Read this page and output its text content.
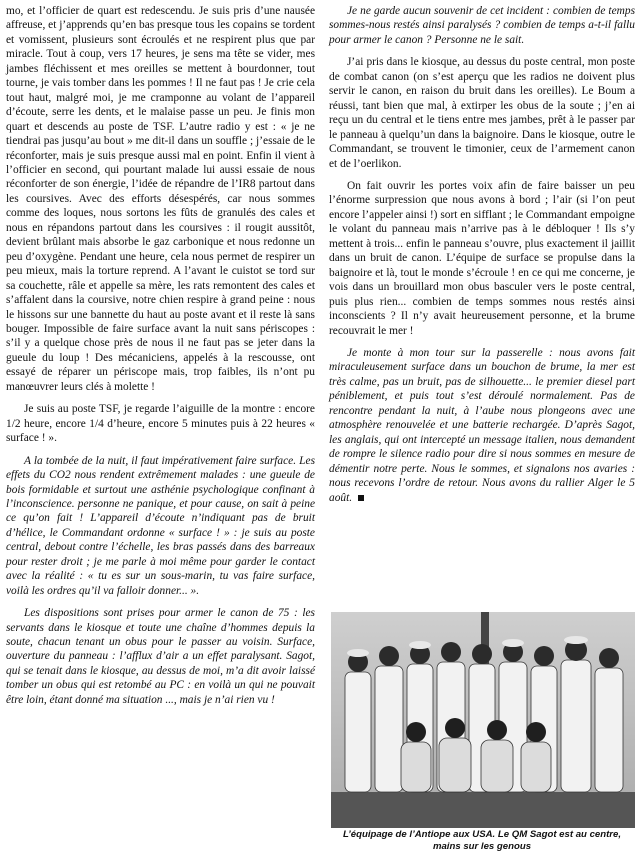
mo, et l’officier de quart est redescendu. Je suis pris d’une nausée affreuse, et j’apprends qu’en bas presque tous les copains se tordent et vomissent, plusieurs sont écroulés et ne respirent plus que par miracle. Tout à coup, vers 17 heures, je sens ma tête se vider, mes jambes fléchissent et mes oreilles se mettent à bourdonner, tout tourne, je vais tomber dans les pommes ! Il ne faut pas ! Je crie cela tout haut, malgré moi, je me cramponne au volant de l’appareil d’écoute, serre les dents, et le malaise passe un peu. Je finis mon quart et descends au poste de TSF. L’autre radio y est : « je ne tiendrai pas jusqu’au bout » me dit-il dans un souffle ; j’essaie de le réconforter, mais je suis presque aussi mal en point. Enfin il vient à l’officier en second, qui pourtant malade lui aussi essaie de nous réconforter de son énergie, l’idée de répandre de l’IR8 partout dans les coursives. Avec des efforts désespérés, car nous sommes comme des loques, nous sortons les fûts de granulés des cales et nous en répandons partout dans les coursives : il rougit aussitôt, devient brûlant mais absorbe le gaz carbonique et nous redonne un peu d’oxygène. Pendant une heure, cela nous permet de respirer un peu mieux, mais la torture reprend. A l’avant le cuistot se tord sur sa couchette, râle et appelle sa mère, les rats remontent des cales et s’affalent dans la coursive, notre chien respire à grand peine : nous le hissons sur une bannette du haut au poste avant et il reste là sans bouger. Impossible de faire surface avant la nuit sans périscopes : s’il y a quelque chose près de nous il ne faut pas se jeter dans la gueule du loup ! Des mécaniciens, appelés à la rescousse, ont essayé de réparer un périscope mais, trop faibles, ils n’ont pu manœuvrer leurs clés à molette !

Je suis au poste TSF, je regarde l’aiguille de la montre : encore 1/2 heure, encore 1/4 d’heure, encore 5 minutes puis à 22 heures « surface ! ».

A la tombée de la nuit, il faut impérativement faire surface. Les effets du CO2 nous rendent extrêmement malades : une gueule de bois formidable et surtout une asthénie psychologique confinant à l’inconscience. personne ne panique, et pour cause, on sait à peine ce qu’on fait ! L’appareil d’écoute n’indiquant pas de bruit d’hélice, le Commandant ordonne « surface ! » : je suis au poste central, debout contre l’échelle, les bras passés dans des barreaux pour rester droit ; je me parle à moi même pour garder le contact avec la réalité : « tu es sur un sous-marin, tu vas faire surface, voilà les ordres qu’il va falloir donner... ».

Les dispositions sont prises pour armer le canon de 75 : les servants dans le kiosque et toute une chaîne d’hommes depuis la soute, chacun tenant un obus pour le passer au voisin. Surface, ouverture du panneau : l’afflux d’air a un effet paralysant. Sagot, qui se tenait dans le kiosque, au dessus de moi, m’a dit avoir laissé tomber un obus qui est retombé au PC : en voilà un qui ne pouvait être loin, étant donné ma situation ..., mais je n’ai rien vu !

Je ne garde aucun souvenir de cet incident : combien de temps sommes-nous restés ainsi paralysés ? combien de temps a-t-il fallu pour armer le canon ? Personne ne le sait.

J’ai pris dans le kiosque, au dessus du poste central, mon poste de combat canon (on s’est aperçu que les radios ne doivent plus servir le canon, en raison du bruit dans les oreilles). Le Boum a réussi, tant bien que mal, à extirper les obus de la soute ; j’en ai reçu un du central et le tiens entre mes jambes, prêt à le passer par le panneau à quelqu’un dans la baignoire. Dans le kiosque, outre le Commandant, se trouvent le timonier, ceux de l’armement canon et de l’oerlikon.

On fait ouvrir les portes voix afin de faire baisser un peu l’énorme surpression que nous avons à bord ; l’air (si l’on peut encore l’appeler ainsi !) sort en sifflant ; le Commandant empoigne le volant du panneau mais n’arrive pas à le débloquer ! Ils s’y mettent à trois... enfin le panneau s’ouvre, plus exactement il jaillit dans un bruit de canon. L’équipe de surface se propulse dans la baignoire et là, tout le monde s’écroule ! en ce qui me concerne, je vois dans un brouillard mon obus basculer vers le poste central, puis plus rien... combien de temps sommes nous restés ainsi inconscients ? Il n’y avait heureusement personne, et la brume recouvrait le mer !

Je monte à mon tour sur la passerelle : nous avons fait miraculeusement surface dans un bouchon de brume, la mer est très calme, pas un bruit, pas de silhouette... le premier diesel part péniblement, et puis tout s’est déroulé normalement. Pas de rencontre pendant la nuit, à l’aube nous plongeons avec une atmosphère renouvelée et une batterie rechargée. D’après Sagot, les anglais, qui ont intercepté un message italien, nous demandent de rompre le silence radio pour dire si nous sommes en mesure de démentir notre perte. Nous le sommes, et signalons nos avaries : nous recevons l’ordre de retour. Nous avons du rallier Alger le 5 août.

L’équipage de l’Antiope aux USA. Le QM Sagot est au centre, mains sur les genous
